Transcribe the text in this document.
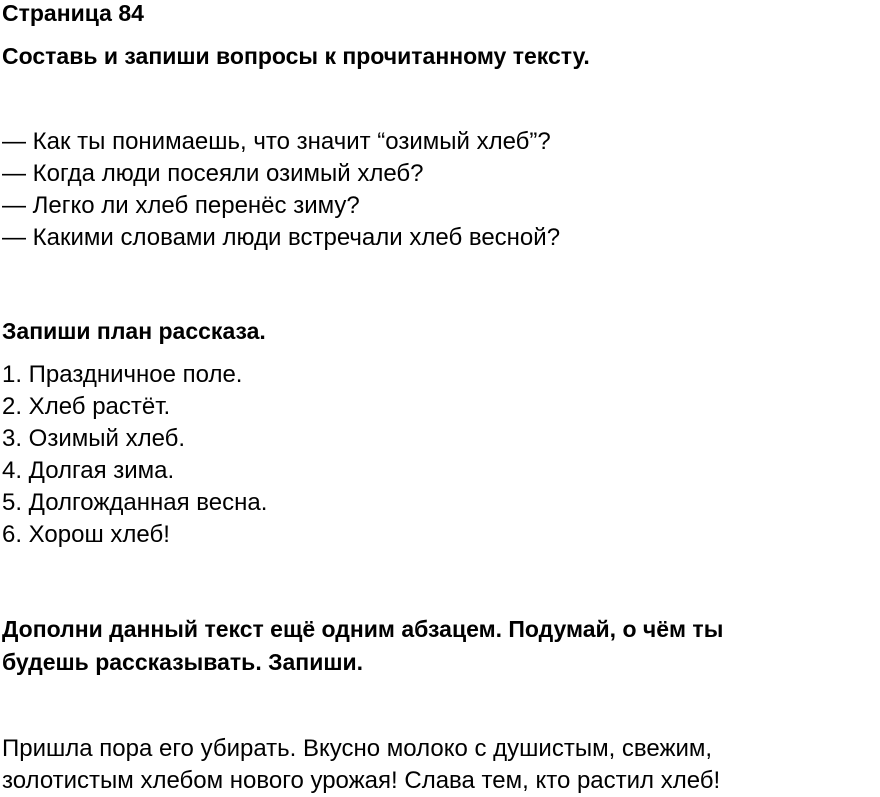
Страница 84
Составь и запиши вопросы к прочитанному тексту.
— Как ты понимаешь, что значит “озимый хлеб”?
— Когда люди посеяли озимый хлеб?
— Легко ли хлеб перенёс зиму?
— Какими словами люди встречали хлеб весной?
Запиши план рассказа.
1. Праздничное поле.
2. Хлеб растёт.
3. Озимый хлеб.
4. Долгая зима.
5. Долгожданная весна.
6. Хорош хлеб!
Дополни данный текст ещё одним абзацем. Подумай, о чём ты
будешь рассказывать. Запиши.
Пришла пора его убирать. Вкусно молоко с душистым, свежим,
золотистым хлебом нового урожая! Слава тем, кто растил хлеб!
